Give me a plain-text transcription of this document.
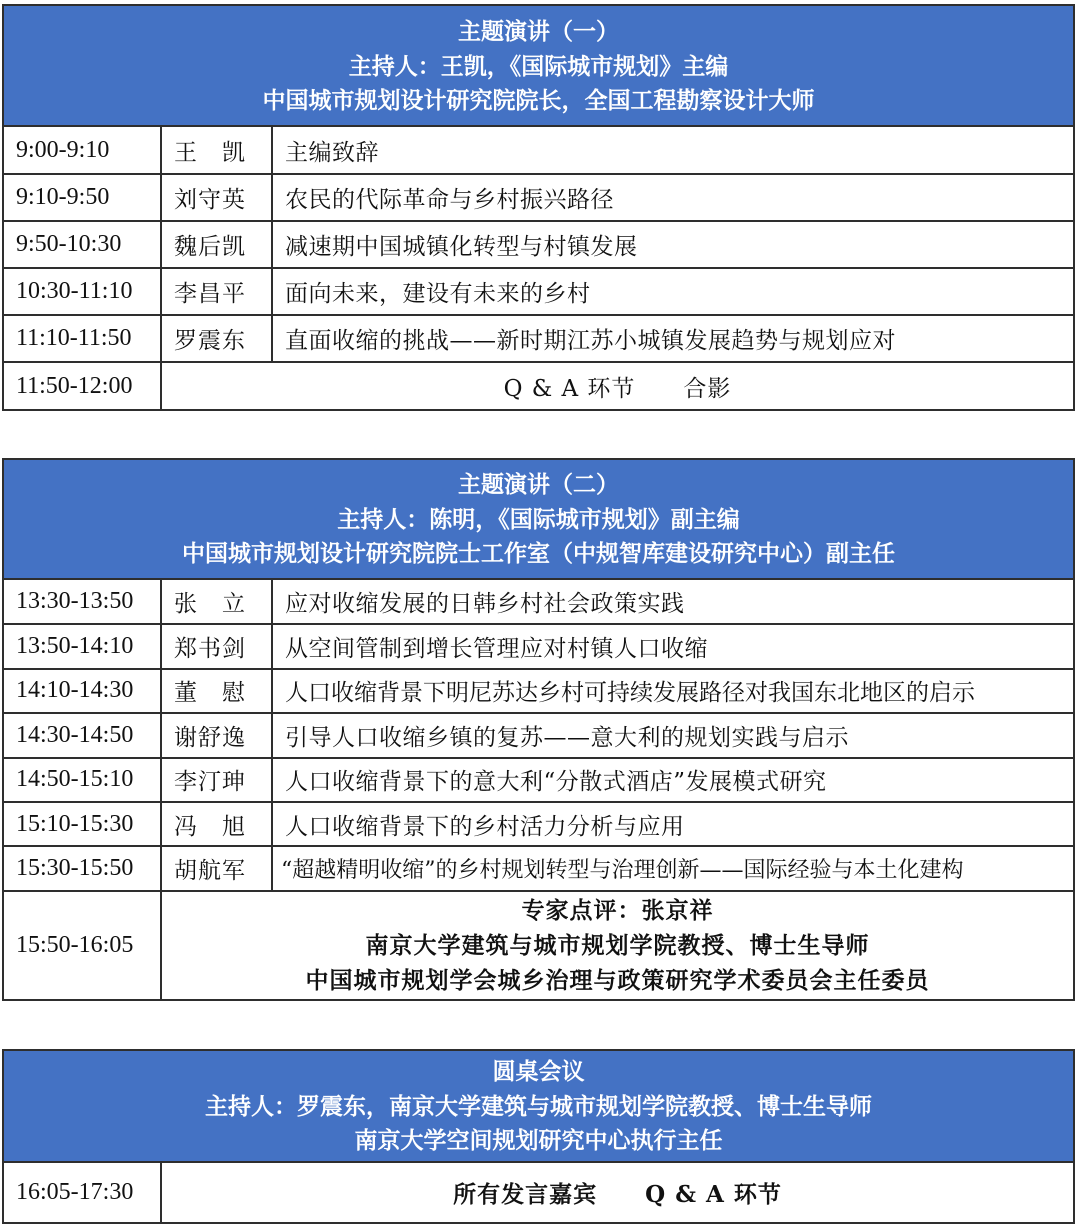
主题演讲（一）
主持人：王凯，《国际城市规划》主编
中国城市规划设计研究院院长，全国工程勘察设计大师
9:00-9:10	王　凯	主编致辞
9:10-9:50	刘守英	农民的代际革命与乡村振兴路径
9:50-10:30	魏后凯	减速期中国城镇化转型与村镇发展
10:30-11:10	李昌平	面向未来，建设有未来的乡村
11:10-11:50	罗震东	直面收缩的挑战——新时期江苏小城镇发展趋势与规划应对
11:50-12:00	Q & A 环节　　合影	
主题演讲（二）
主持人：陈明，《国际城市规划》副主编
中国城市规划设计研究院院士工作室（中规智库建设研究中心）副主任
13:30-13:50	张　立	应对收缩发展的日韩乡村社会政策实践
13:50-14:10	郑书剑	从空间管制到增长管理应对村镇人口收缩
14:10-14:30	董　慰	人口收缩背景下明尼苏达乡村可持续发展路径对我国东北地区的启示
14:30-14:50	谢舒逸	引导人口收缩乡镇的复苏——意大利的规划实践与启示
14:50-15:10	李汀珅	人口收缩背景下的意大利“分散式酒店”发展模式研究
15:10-15:30	冯　旭	人口收缩背景下的乡村活力分析与应用
15:30-15:50	胡航军	“超越精明收缩”的乡村规划转型与治理创新——国际经验与本土化建构
15:50-16:05	专家点评：张京祥
南京大学建筑与城市规划学院教授、博士生导师
中国城市规划学会城乡治理与政策研究学术委员会主任委员	
圆桌会议
主持人：罗震东，南京大学建筑与城市规划学院教授、博士生导师
南京大学空间规划研究中心执行主任
16:05-17:30	所有发言嘉宾　　Q & A 环节
